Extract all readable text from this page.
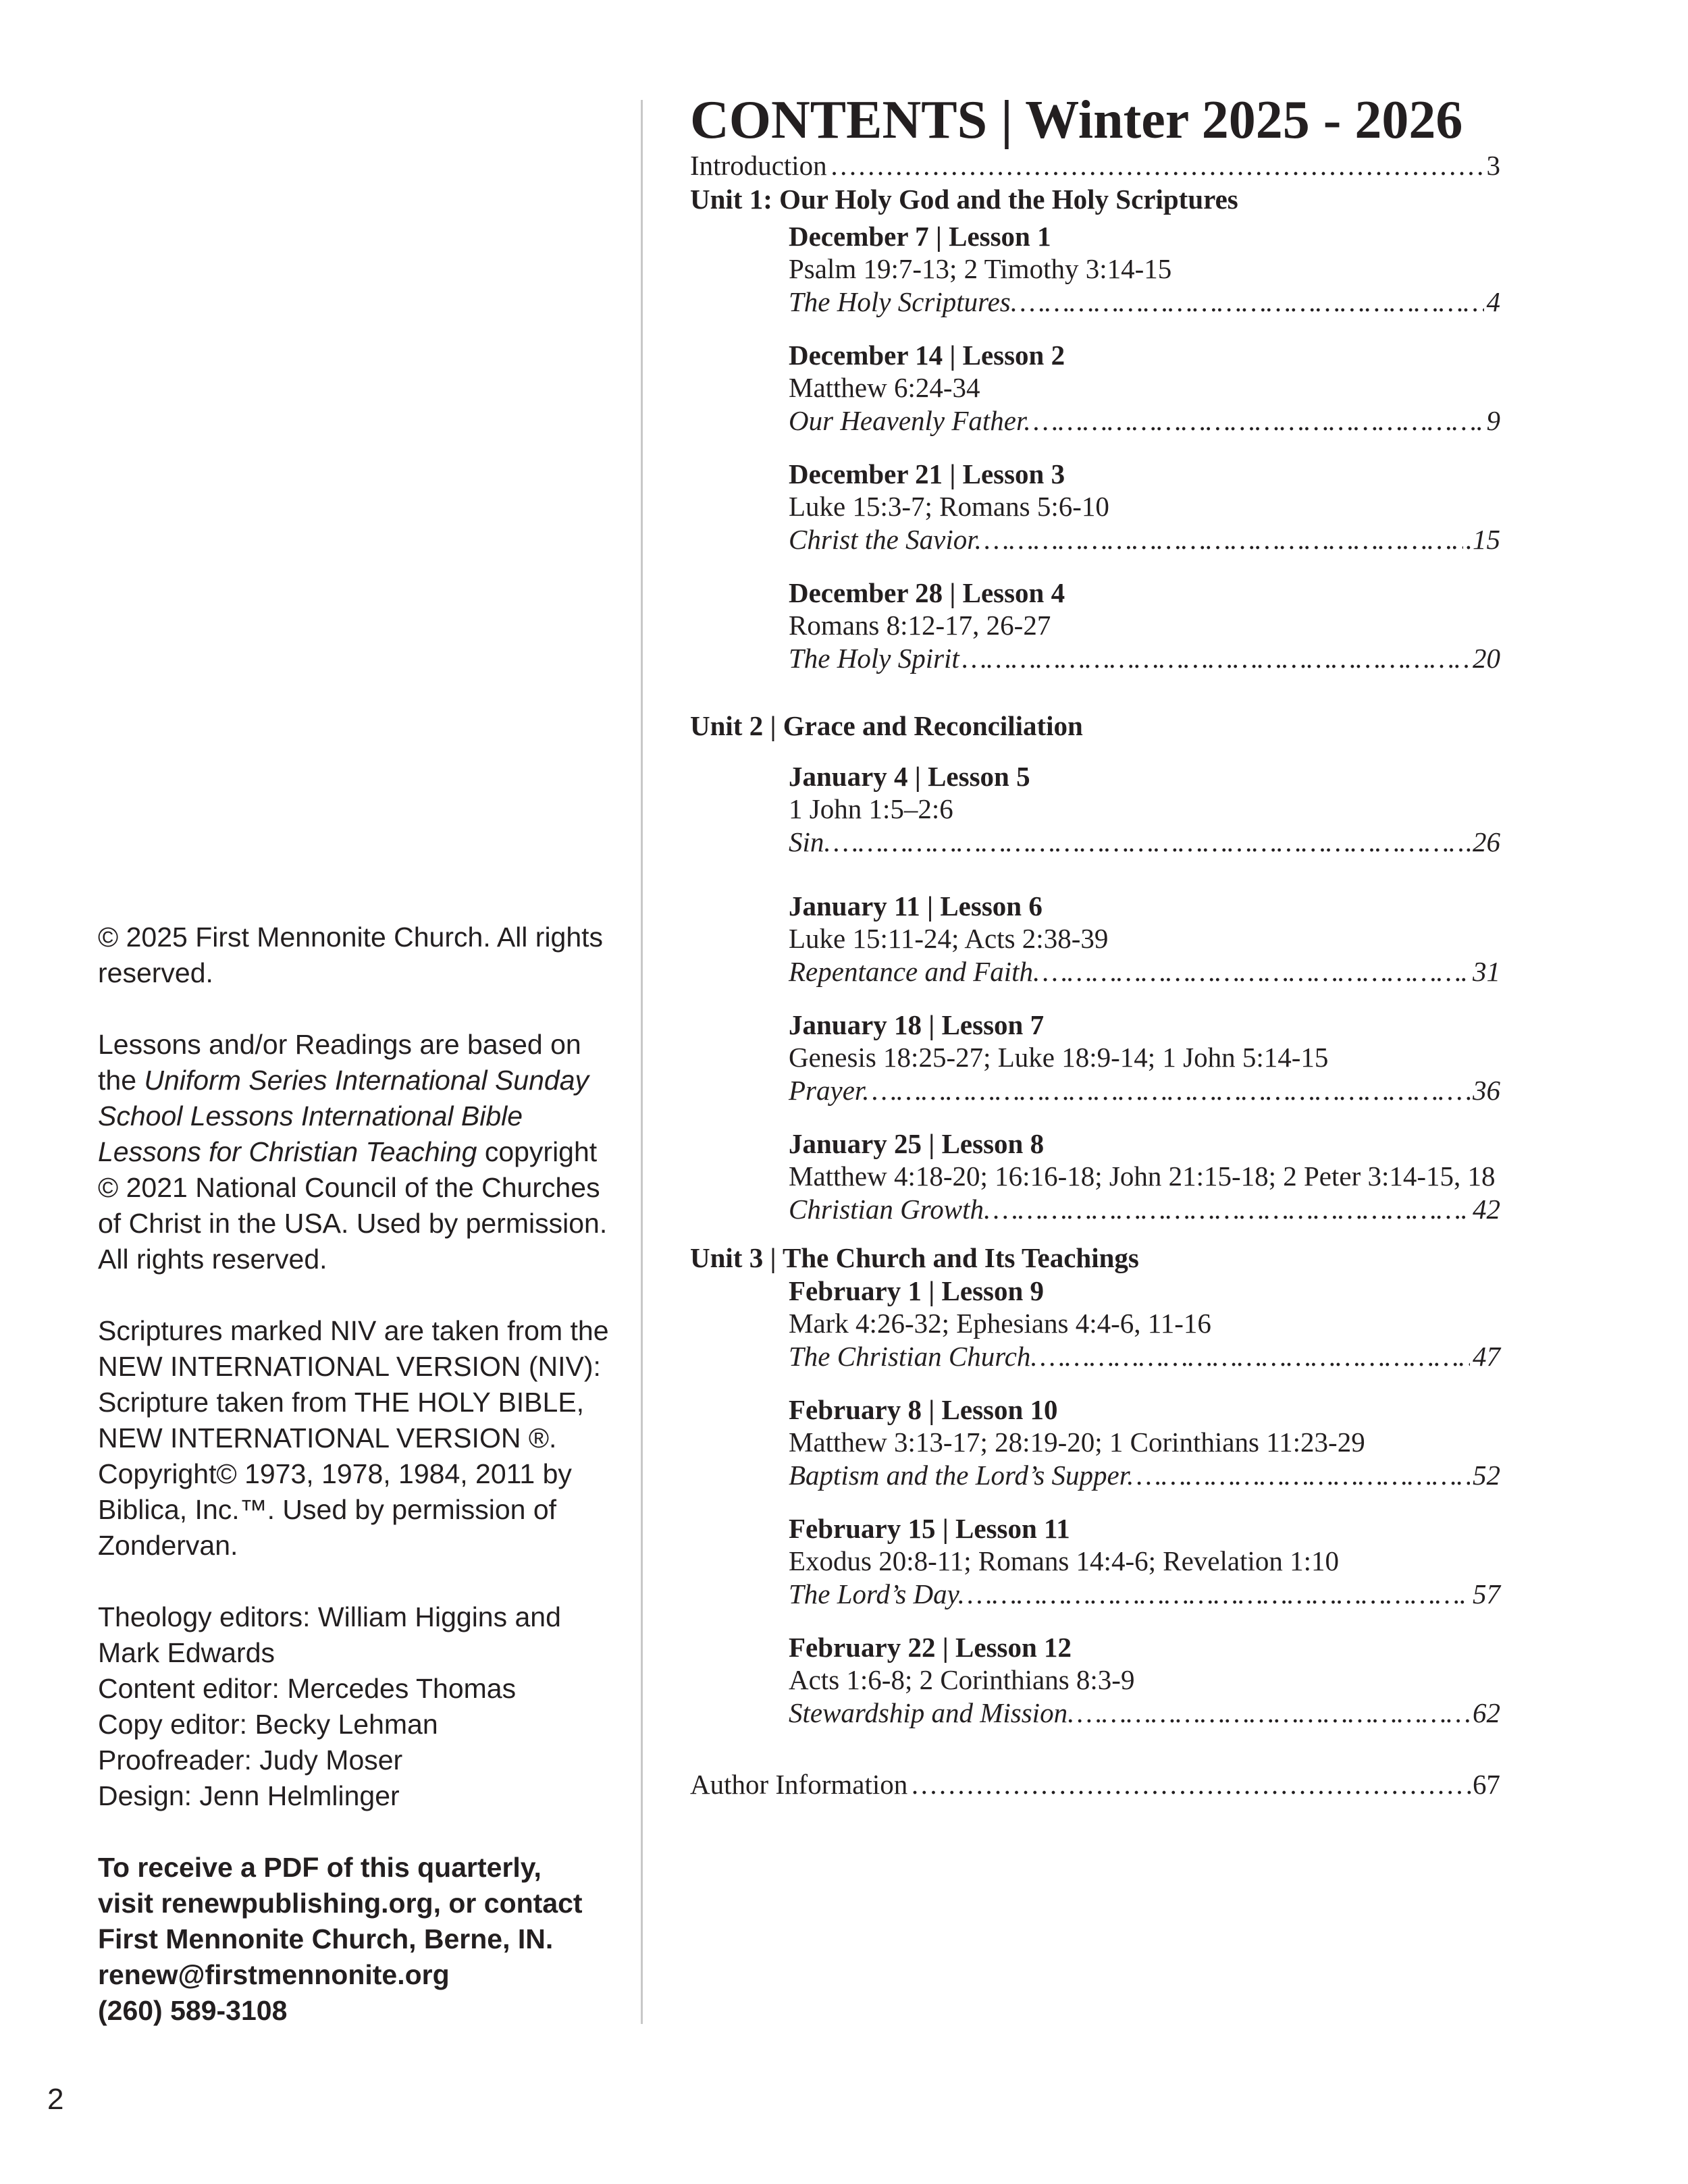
© 2025 First Mennonite Church. All rights reserved.

Lessons and/or Readings are based on the Uniform Series International Sunday School Lessons International Bible Lessons for Christian Teaching copyright © 2021 National Council of the Churches of Christ in the USA. Used by permission. All rights reserved.

Scriptures marked NIV are taken from the NEW INTERNATIONAL VERSION (NIV): Scripture taken from THE HOLY BIBLE, NEW INTERNATIONAL VERSION ®. Copyright© 1973, 1978, 1984, 2011 by Biblica, Inc.™. Used by permission of Zondervan.

Theology editors: William Higgins and Mark Edwards
Content editor: Mercedes Thomas
Copy editor: Becky Lehman
Proofreader: Judy Moser
Design: Jenn Helmlinger

To receive a PDF of this quarterly,
visit renewpublishing.org, or contact
First Mennonite Church, Berne, IN.
renew@firstmennonite.org
(260) 589-3108

CONTENTS | Winter 2025 - 2026
Introduction …………………………………………………………………………………………………………………………………………	3
Unit 1: Our Holy God and the Holy Scriptures
December 7 | Lesson 1
Psalm 19:7-13; 2 Timothy 3:14-15
The Holy Scriptures. …………………………………………………………………………………………………………………………………………	4
December 14 | Lesson 2
Matthew 6:24-34
Our Heavenly Father. …………………………………………………………………………………………………………………………………………	9
December 21 | Lesson 3
Luke 15:3-7; Romans 5:6-10
Christ the Savior. …………………………………………………………………………………………………………………………………………	.15
December 28 | Lesson 4
Romans 8:12-17, 26-27
The Holy Spirit …………………………………………………………………………………………………………………………………………	20
Unit 2 | Grace and Reconciliation
January 4 | Lesson 5
1 John 1:5–2:6
Sin. …………………………………………………………………………………………………………………………………………	.26
January 11 | Lesson 6
Luke 15:11-24; Acts 2:38-39
Repentance and Faith. …………………………………………………………………………………………………………………………………………	31
January 18 | Lesson 7
Genesis 18:25-27; Luke 18:9-14; 1 John 5:14-15
Prayer. …………………………………………………………………………………………………………………………………………	.36
January 25 | Lesson 8
Matthew 4:18-20; 16:16-18; John 21:15-18; 2 Peter 3:14-15, 18
Christian Growth. …………………………………………………………………………………………………………………………………………	42
Unit 3 | The Church and Its Teachings
February 1 | Lesson 9
Mark 4:26-32; Ephesians 4:4-6, 11-16
The Christian Church. …………………………………………………………………………………………………………………………………………	47
February 8 | Lesson 10
Matthew 3:13-17; 28:19-20; 1 Corinthians 11:23-29
Baptism and the Lord’s Supper. …………………………………………………………………………………………………………………………………………	52
February 15 | Lesson 11
Exodus 20:8-11; Romans 14:4-6; Revelation 1:10
The Lord’s Day. …………………………………………………………………………………………………………………………………………	57
February 22 | Lesson 12
Acts 1:6-8; 2 Corinthians 8:3-9
Stewardship and Mission. …………………………………………………………………………………………………………………………………………	62
Author Information …………………………………………………………………………………………………………………………………………	.67
2
